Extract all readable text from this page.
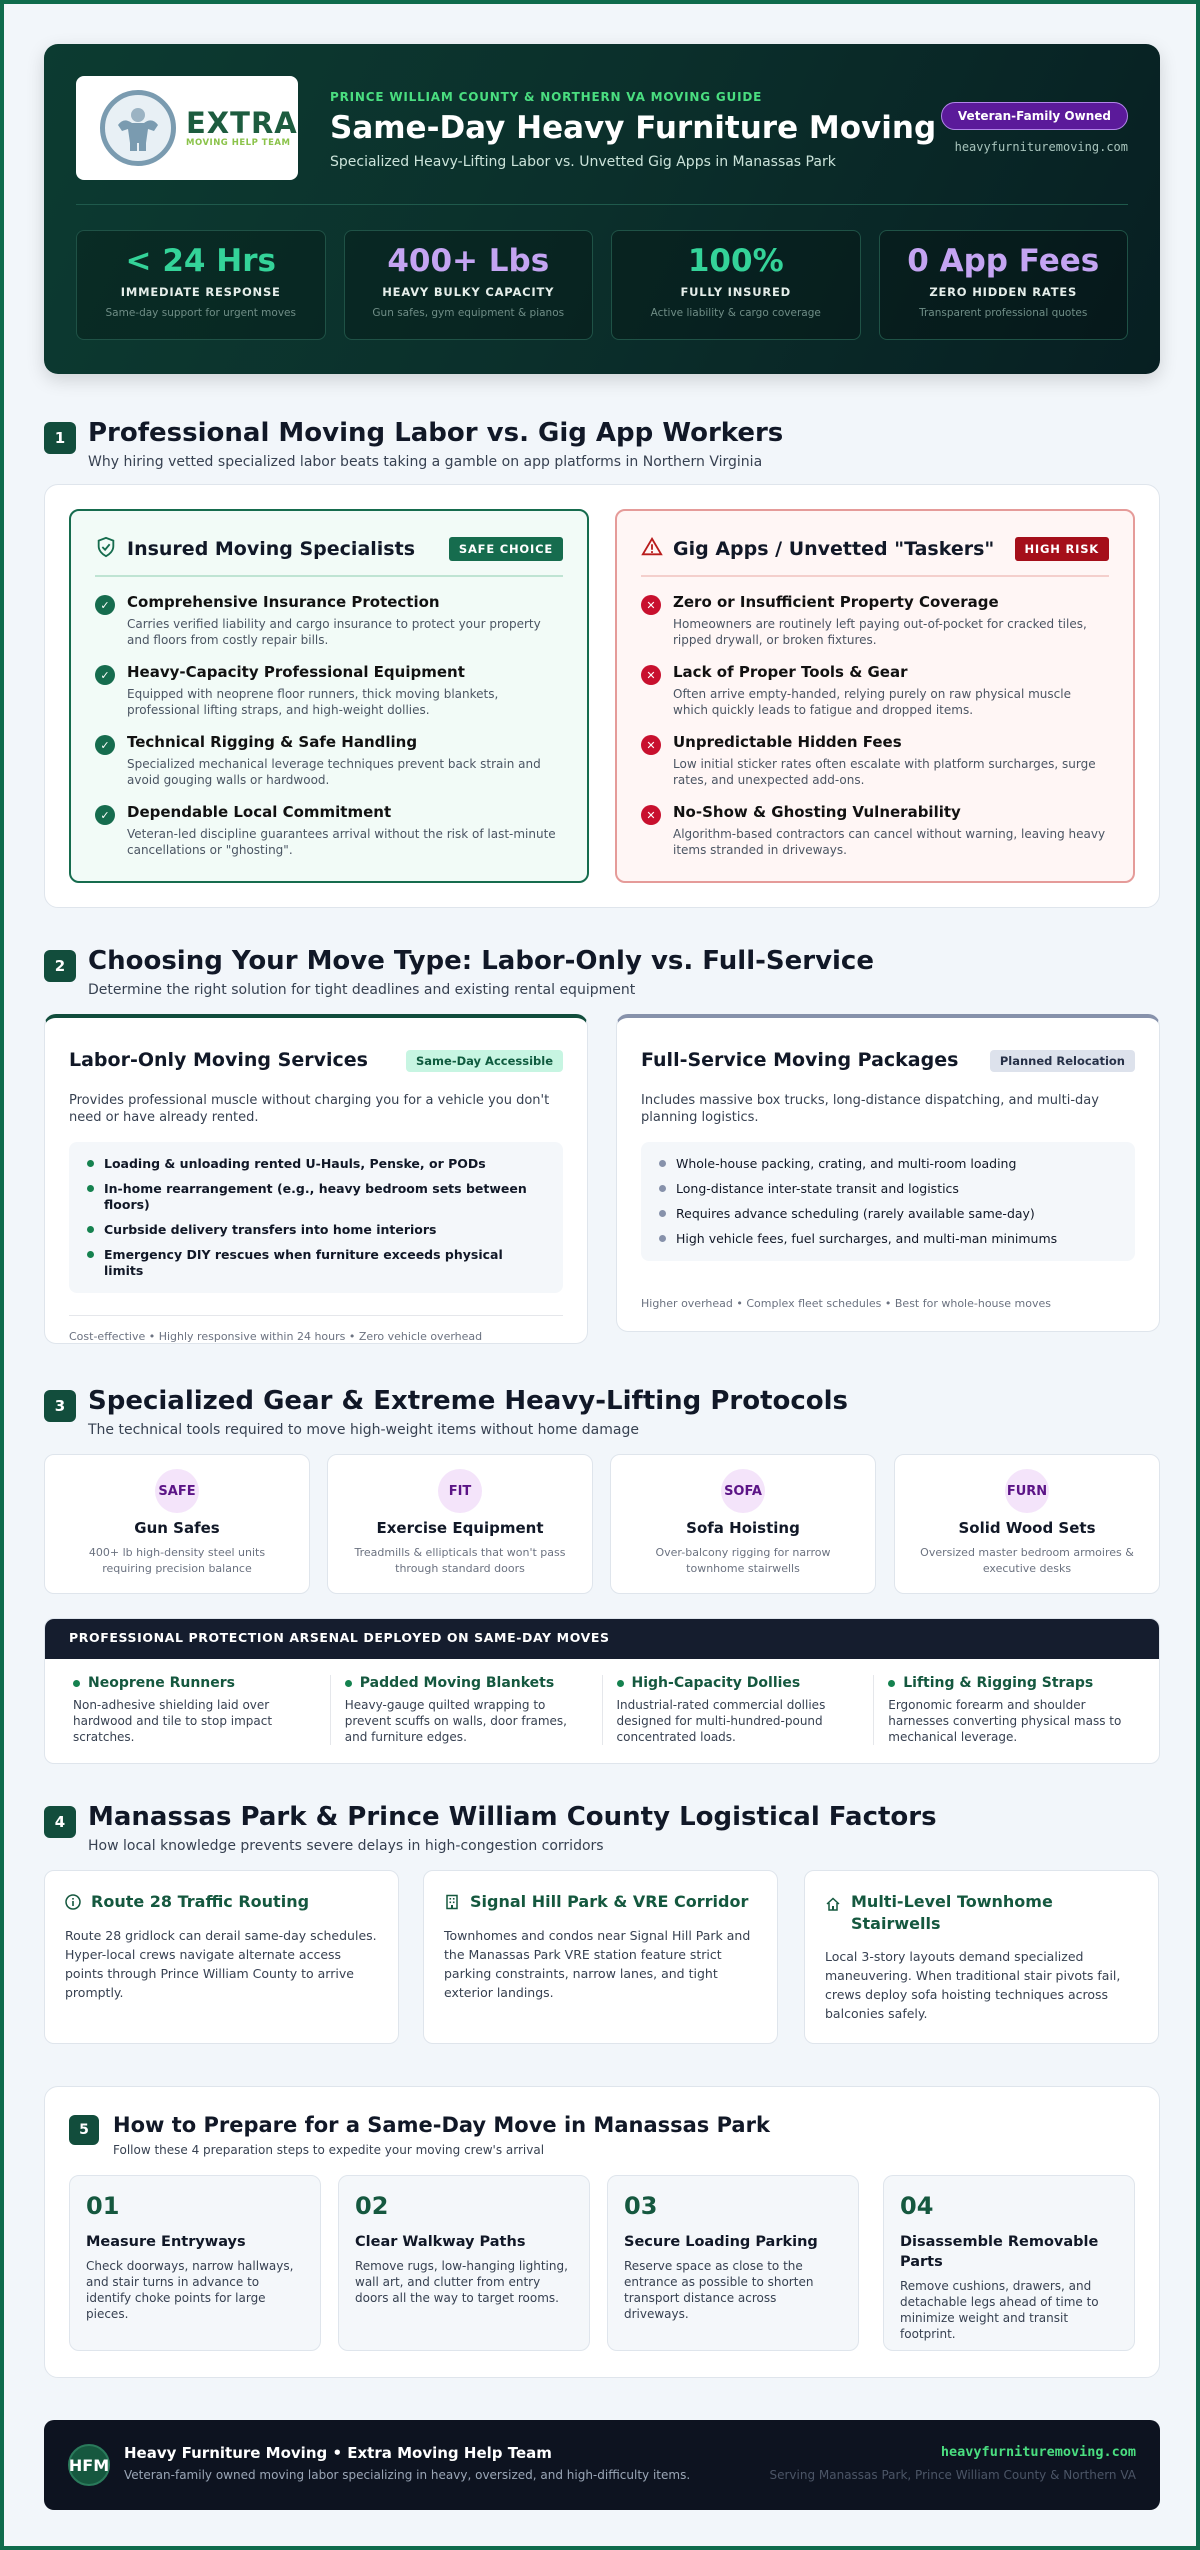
EXTRA
MOVING HELP TEAM
PRINCE WILLIAM COUNTY & NORTHERN VA MOVING GUIDE
Same-Day Heavy Furniture Moving
Specialized Heavy-Lifting Labor vs. Unvetted Gig Apps in Manassas Park
Veteran-Family Owned
heavyfurnituremoving.com
< 24 Hrs
IMMEDIATE RESPONSE
Same-day support for urgent moves
400+ Lbs
HEAVY BULKY CAPACITY
Gun safes, gym equipment & pianos
100%
FULLY INSURED
Active liability & cargo coverage
0 App Fees
ZERO HIDDEN RATES
Transparent professional quotes
1 Professional Moving Labor vs. Gig App Workers
Why hiring vetted specialized labor beats taking a gamble on app platforms in Northern Virginia
Insured Moving Specialists	SAFE CHOICE
✓	Comprehensive Insurance Protection
Carries verified liability and cargo insurance to protect your property and floors from costly repair bills.
✓	Heavy-Capacity Professional Equipment
Equipped with neoprene floor runners, thick moving blankets, professional lifting straps, and high-weight dollies.
✓	Technical Rigging & Safe Handling
Specialized mechanical leverage techniques prevent back strain and avoid gouging walls or hardwood.
✓	Dependable Local Commitment
Veteran-led discipline guarantees arrival without the risk of last-minute cancellations or "ghosting".
Gig Apps / Unvetted "Taskers"	HIGH RISK
✕	Zero or Insufficient Property Coverage
Homeowners are routinely left paying out-of-pocket for cracked tiles, ripped drywall, or broken fixtures.
✕	Lack of Proper Tools & Gear
Often arrive empty-handed, relying purely on raw physical muscle which quickly leads to fatigue and dropped items.
✕	Unpredictable Hidden Fees
Low initial sticker rates often escalate with platform surcharges, surge rates, and unexpected add-ons.
✕	No-Show & Ghosting Vulnerability
Algorithm-based contractors can cancel without warning, leaving heavy items stranded in driveways.
2 Choosing Your Move Type: Labor-Only vs. Full-Service
Determine the right solution for tight deadlines and existing rental equipment
Labor-Only Moving Services	Same-Day Accessible
Provides professional muscle without charging you for a vehicle you don't need or have already rented.
Loading & unloading rented U-Hauls, Penske, or PODs
In-home rearrangement (e.g., heavy bedroom sets between floors)
Curbside delivery transfers into home interiors
Emergency DIY rescues when furniture exceeds physical limits
Cost-effective • Highly responsive within 24 hours • Zero vehicle overhead
Full-Service Moving Packages	Planned Relocation
Includes massive box trucks, long-distance dispatching, and multi-day planning logistics.
Whole-house packing, crating, and multi-room loading
Long-distance inter-state transit and logistics
Requires advance scheduling (rarely available same-day)
High vehicle fees, fuel surcharges, and multi-man minimums
Higher overhead • Complex fleet schedules • Best for whole-house moves
3 Specialized Gear & Extreme Heavy-Lifting Protocols
The technical tools required to move high-weight items without home damage
SAFE
Gun Safes
400+ lb high-density steel units requiring precision balance
FIT
Exercise Equipment
Treadmills & ellipticals that won't pass through standard doors
SOFA
Sofa Hoisting
Over-balcony rigging for narrow townhome stairwells
FURN
Solid Wood Sets
Oversized master bedroom armoires & executive desks
PROFESSIONAL PROTECTION ARSENAL DEPLOYED ON SAME-DAY MOVES
Neoprene Runners
Non-adhesive shielding laid over hardwood and tile to stop impact scratches.
Padded Moving Blankets
Heavy-gauge quilted wrapping to prevent scuffs on walls, door frames, and furniture edges.
High-Capacity Dollies
Industrial-rated commercial dollies designed for multi-hundred-pound concentrated loads.
Lifting & Rigging Straps
Ergonomic forearm and shoulder harnesses converting physical mass to mechanical leverage.
4 Manassas Park & Prince William County Logistical Factors
How local knowledge prevents severe delays in high-congestion corridors
Route 28 Traffic Routing
Route 28 gridlock can derail same-day schedules. Hyper-local crews navigate alternate access points through Prince William County to arrive promptly.
Signal Hill Park & VRE Corridor
Townhomes and condos near Signal Hill Park and the Manassas Park VRE station feature strict parking constraints, narrow lanes, and tight exterior landings.
Multi-Level Townhome Stairwells
Local 3-story layouts demand specialized maneuvering. When traditional stair pivots fail, crews deploy sofa hoisting techniques across balconies safely.
5	How to Prepare for a Same-Day Move in Manassas Park
Follow these 4 preparation steps to expedite your moving crew's arrival
01
Measure Entryways
Check doorways, narrow hallways, and stair turns in advance to identify choke points for large pieces.
02
Clear Walkway Paths
Remove rugs, low-hanging lighting, wall art, and clutter from entry doors all the way to target rooms.
03
Secure Loading Parking
Reserve space as close to the entrance as possible to shorten transport distance across driveways.
04
Disassemble Removable Parts
Remove cushions, drawers, and detachable legs ahead of time to minimize weight and transit footprint.
HFM
Heavy Furniture Moving • Extra Moving Help Team
Veteran-family owned moving labor specializing in heavy, oversized, and high-difficulty items.
heavyfurnituremoving.com
Serving Manassas Park, Prince William County & Northern VA
